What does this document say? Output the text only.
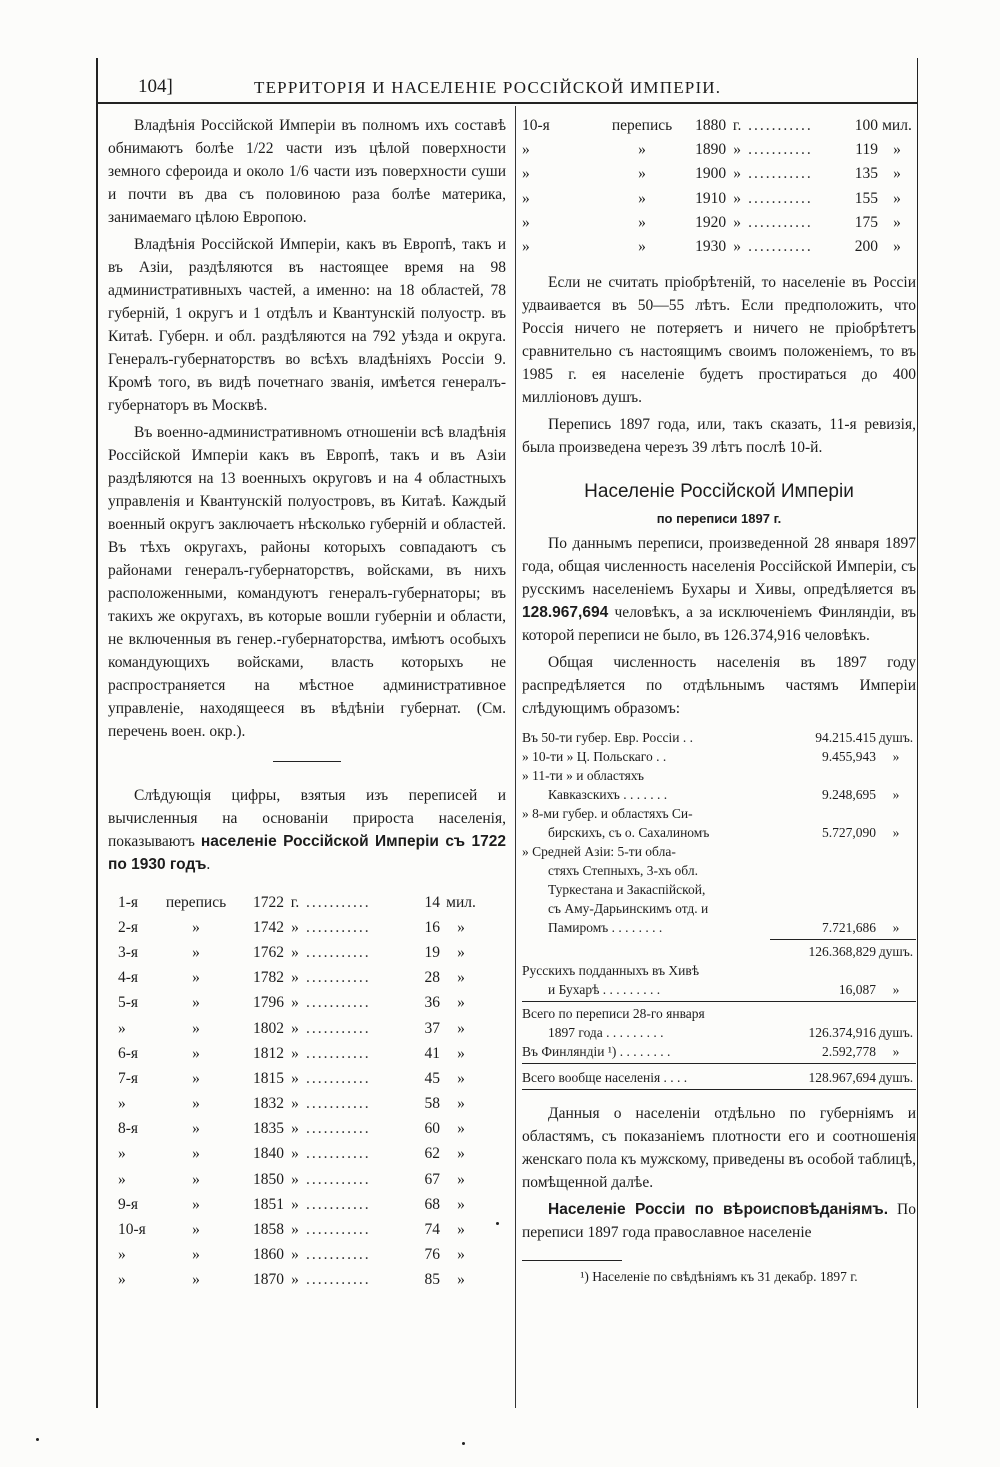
104]	ТЕРРИТОРІЯ И НАСЕЛЕНІЕ РОССІЙСКОЙ ИМПЕРІИ.

Владѣнія Россійской Имперіи въ полномъ ихъ составѣ обнимаютъ болѣе 1/22 части изъ цѣлой поверхности земного сфероида и около 1/6 части изъ поверхности суши и почти въ два съ половиною раза болѣе материка, занимаемаго цѣлою Европою.

Владѣнія Россійской Имперіи, какъ въ Европѣ, такъ и въ Азіи, раздѣляются въ настоящее время на 98 административныхъ частей, а именно: на 18 областей, 78 губерній, 1 округъ и 1 отдѣлъ и Квантунскій полуостр. въ Китаѣ. Губерн. и обл. раздѣляются на 792 уѣзда и округа. Генералъ-губернаторствъ во всѣхъ владѣніяхъ Россіи 9. Кромѣ того, въ видѣ почетнаго званія, имѣется генералъ-губернаторъ въ Москвѣ.

Въ военно-административномъ отношеніи всѣ владѣнія Россійской Имперіи какъ въ Европѣ, такъ и въ Азіи раздѣляются на 13 военныхъ округовъ и на 4 областныхъ управленія и Квантунскій полуостровъ, въ Китаѣ. Каждый военный округъ заключаетъ нѣсколько губерній и областей. Въ тѣхъ округахъ, районы которыхъ совпадаютъ съ районами генералъ-губернаторствъ, войсками, въ нихъ расположенными, командуютъ генералъ-губернаторы; въ такихъ же округахъ, въ которые вошли губерніи и области, не включенныя въ генер.-губернаторства, имѣютъ особыхъ командующихъ войсками, власть которыхъ не распространяется на мѣстное административное управленіе, находящееся въ вѣдѣніи губернат. (См. перечень воен. окр.).

Слѣдующія цифры, взятыя изъ переписей и вычисленныя на основаніи прироста населенія, показываютъ населеніе Россійской Имперіи съ 1722 по 1930 годъ.

1-я	перепись	1722	г.	...........	14	мил.
2-я	»	1742	»	...........	16	»
3-я	»	1762	»	...........	19	»
4-я	»	1782	»	...........	28	»
5-я	»	1796	»	...........	36	»
»	»	1802	»	...........	37	»
6-я	»	1812	»	...........	41	»
7-я	»	1815	»	...........	45	»
»	»	1832	»	...........	58	»
8-я	»	1835	»	...........	60	»
»	»	1840	»	...........	62	»
»	»	1850	»	...........	67	»
9-я	»	1851	»	...........	68	»
10-я	»	1858	»	...........	74	»
»	»	1860	»	...........	76	»
»	»	1870	»	...........	85	»
10-я	перепись	1880	г.	...........	100	мил.
»	»	1890	»	...........	119	»
»	»	1900	»	...........	135	»
»	»	1910	»	...........	155	»
»	»	1920	»	...........	175	»
»	»	1930	»	...........	200	»

Если не считать пріобрѣтеній, то населеніе въ Россіи удваивается въ 50—55 лѣтъ. Если предположить, что Россія ничего не потеряетъ и ничего не пріобрѣтетъ сравнительно съ настоящимъ своимъ положеніемъ, то въ 1985 г. ея населеніе будетъ простираться до 400 милліоновъ душъ.

Перепись 1897 года, или, такъ сказать, 11-я ревизія, была произведена черезъ 39 лѣтъ послѣ 10-й.

Населеніе Россійской Имперіи
по переписи 1897 г.

По даннымъ переписи, произведенной 28 января 1897 года, общая численность населенія Россійской Имперіи, съ русскимъ населеніемъ Бухары и Хивы, опредѣляется въ 128.967,694 человѣкъ, а за исключеніемъ Финляндіи, въ которой переписи не было, въ 126.374,916 человѣкъ.

Общая численность населенія въ 1897 году распредѣляется по отдѣльнымъ частямъ Имперіи слѣдующимъ образомъ:

Въ 50-ти губер. Евр. Россіи . .	94.215.415 душъ.
» 10-ти » Ц. Польскаго . .	9.455,943	»
» 11-ти » и областяхъ
Кавказскихъ . . . . . . .	9.248,695	»
» 8-ми губер. и областяхъ Си-
бирскихъ, съ о. Сахалиномъ	5.727,090	»
» Средней Азіи: 5-ти обла-
стяхъ Степныхъ, 3-хъ обл.
Туркестана и Закаспійской,
съ Аму-Дарьинскимъ отд. и
Памиромъ . . . . . . . .	7.721,686	»
126.368,829 душъ.
Русскихъ подданныхъ въ Хивѣ
и Бухарѣ . . . . . . . . .	16,087	»
Всего по переписи 28-го января
1897 года . . . . . . . . .	126.374,916 душъ.
Въ Финляндіи ¹) . . . . . . . .	2.592,778	»
Всего вообще населенія . . . .	128.967,694 душъ.

Данныя о населеніи отдѣльно по губерніямъ и областямъ, съ показаніемъ плотности его и соотношенія женскаго пола къ мужскому, приведены въ особой таблицѣ, помѣщенной далѣе.

Населеніе Россіи по вѣроисповѣданіямъ. По переписи 1897 года православное населеніе

¹) Населеніе по свѣдѣніямъ къ 31 декабр. 1897 г.
